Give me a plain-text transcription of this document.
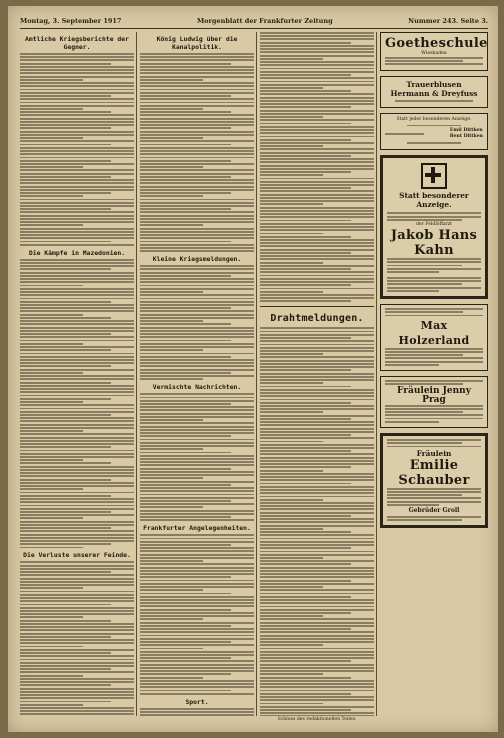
Montag, 3. September 1917	Morgenblatt der Frankfurter Zeitung	Nummer 243. Seite 3.
Amtliche Kriegsberichte der Gegner.
Die Kämpfe in Mazedonien.
Die Verluste unserer Feinde.
König Ludwig über die Kanalpolitik.
Kleine Kriegsmeldungen.
Vermischte Nachrichten.
Frankfurter Angelegenheiten.
Sport.
Drahtmeldungen.
Schluss des redaktionellen Teiles.
Goetheschule
Wiesbaden
Trauerblusen
Hermann & Dreyfuss
Statt jeder besonderen Anzeige.
Emil Dittken
Bent Dittken
Statt besonderer Anzeige.
der Feldlöffarzt
Jakob Hans Kahn
Max Holzerland
Fräulein Jenny Prag
Fräulein
Emilie Schauber
Gebrüder Groll
